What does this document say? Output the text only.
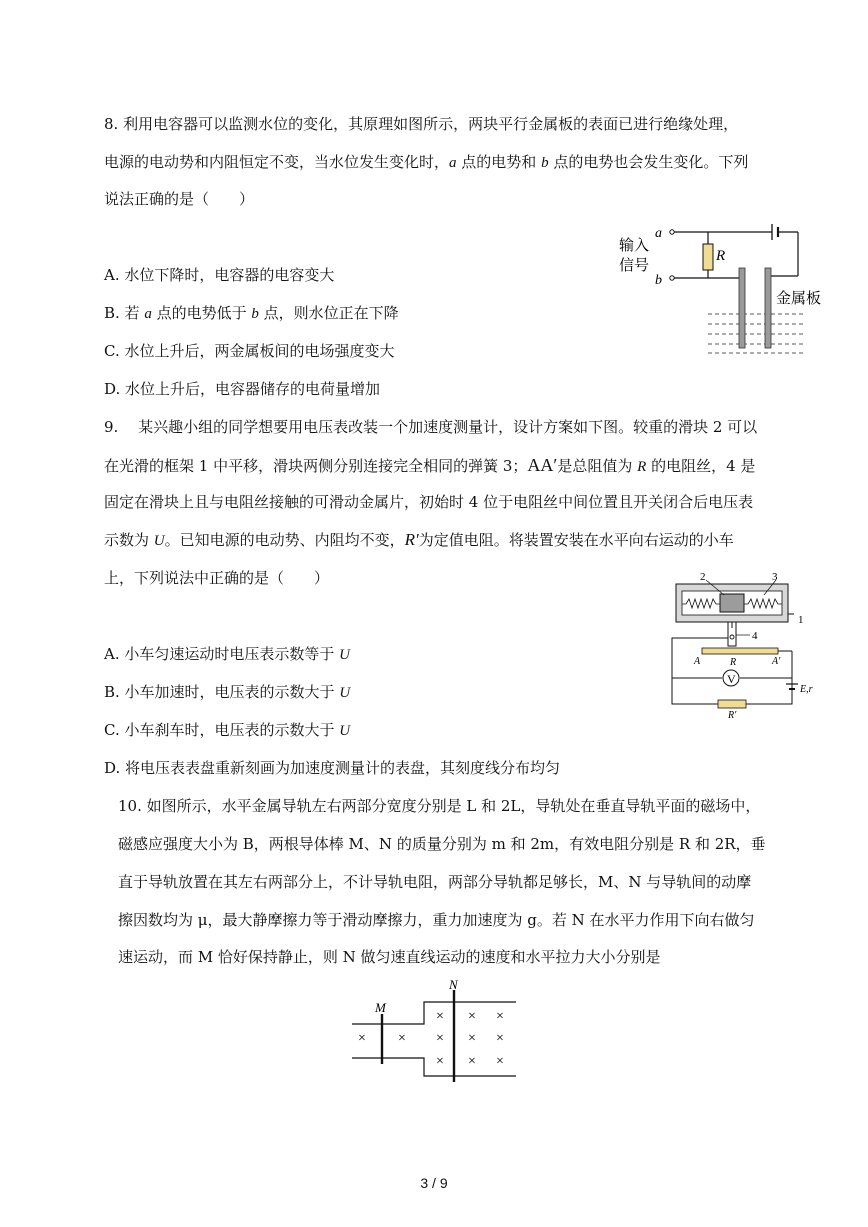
8. 利用电容器可以监测水位的变化，其原理如图所示，两块平行金属板的表面已进行绝缘处理，
电源的电动势和内阻恒定不变，当水位发生变化时，a 点的电势和 b 点的电势也会发生变化。下列
说法正确的是（　　）
A. 水位下降时，电容器的电容变大
B. 若 a 点的电势低于 b 点，则水位正在下降
C. 水位上升后，两金属板间的电场强度变大
D. 水位上升后，电容器储存的电荷量增加
a
b
输入
信号
R
金属板
9.　 某兴趣小组的同学想要用电压表改装一个加速度测量计，设计方案如下图。较重的滑块 2 可以
在光滑的框架 1 中平移，滑块两侧分别连接完全相同的弹簧 3；AA′是总阻值为 R 的电阻丝，4 是
固定在滑块上且与电阻丝接触的可滑动金属片，初始时 4 位于电阻丝中间位置且开关闭合后电压表
示数为 U。已知电源的电动势、内阻均不变，R′为定值电阻。将装置安装在水平向右运动的小车
上，下列说法中正确的是（　　）
A. 小车匀速运动时电压表示数等于 U
B. 小车加速时，电压表的示数大于 U
C. 小车刹车时，电压表的示数大于 U
D. 将电压表表盘重新刻画为加速度测量计的表盘，其刻度线分布均匀
V
2	3
1
4
A	R	A′
E,r
R′
10. 如图所示，水平金属导轨左右两部分宽度分别是 L 和 2L，导轨处在垂直导轨平面的磁场中，
磁感应强度大小为 B，两根导体棒 M、N 的质量分别为 m 和 2m，有效电阻分别是 R 和 2R，垂
直于导轨放置在其左右两部分上，不计导轨电阻，两部分导轨都足够长，M、N 与导轨间的动摩
擦因数均为 μ，最大静摩擦力等于滑动摩擦力，重力加速度为 g。若 N 在水平力作用下向右做匀
速运动，而 M 恰好保持静止，则 N 做匀速直线运动的速度和水平拉力大小分别是
M
N
× ×
× × ×
× × ×
× × ×
3 / 9
